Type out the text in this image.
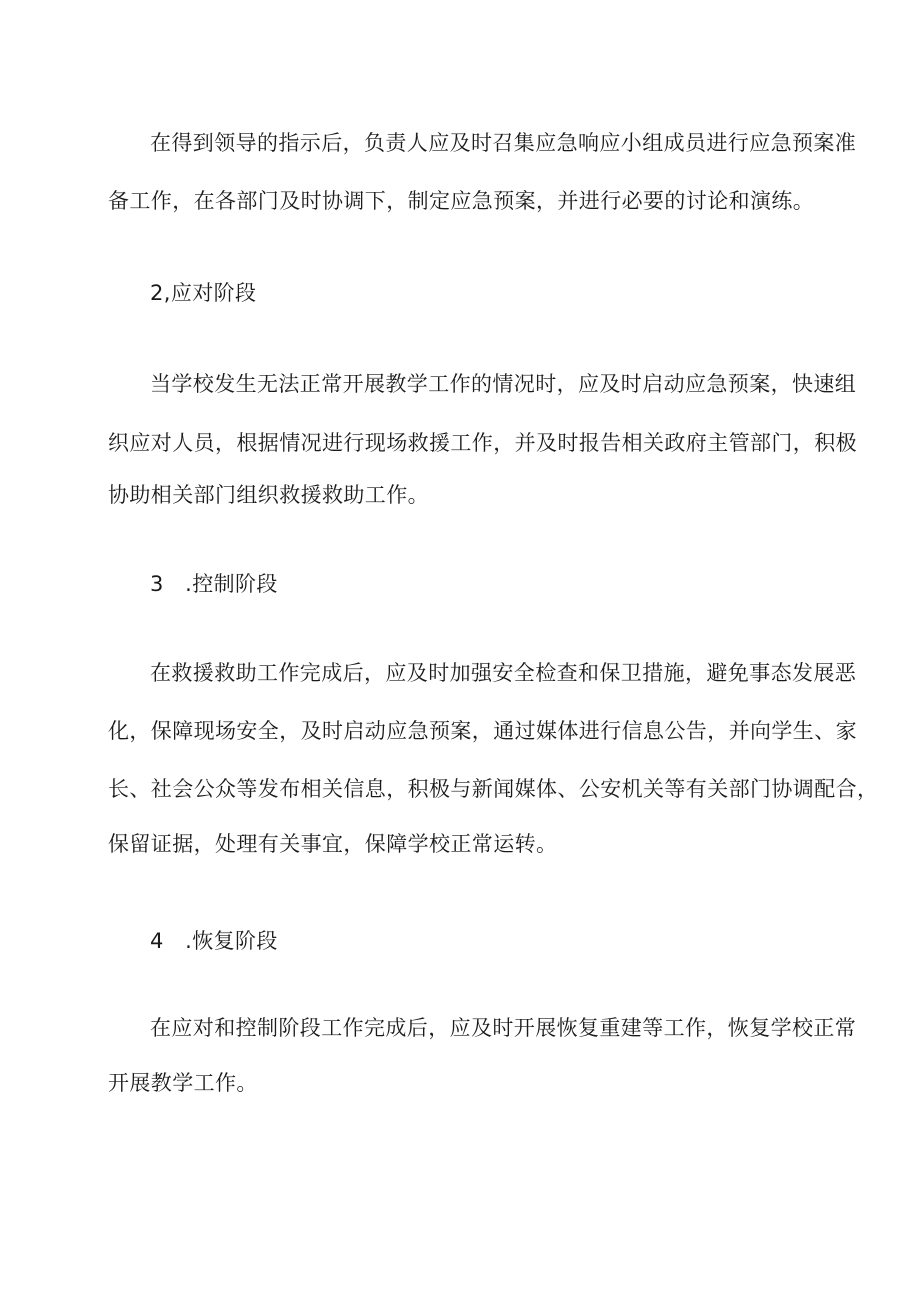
在得到领导的指示后，负责人应及时召集应急响应小组成员进行应急预案准

备工作，在各部门及时协调下，制定应急预案，并进行必要的讨论和演练。

2,应对阶段

当学校发生无法正常开展教学工作的情况时，应及时启动应急预案，快速组

织应对人员，根据情况进行现场救援工作，并及时报告相关政府主管部门，积极

协助相关部门组织救援救助工作。

3　.控制阶段

在救援救助工作完成后，应及时加强安全检查和保卫措施，避免事态发展恶

化，保障现场安全，及时启动应急预案，通过媒体进行信息公告，并向学生、家

长、社会公众等发布相关信息，积极与新闻媒体、公安机关等有关部门协调配合，

保留证据，处理有关事宜，保障学校正常运转。

4　.恢复阶段

在应对和控制阶段工作完成后，应及时开展恢复重建等工作，恢复学校正常

开展教学工作。
